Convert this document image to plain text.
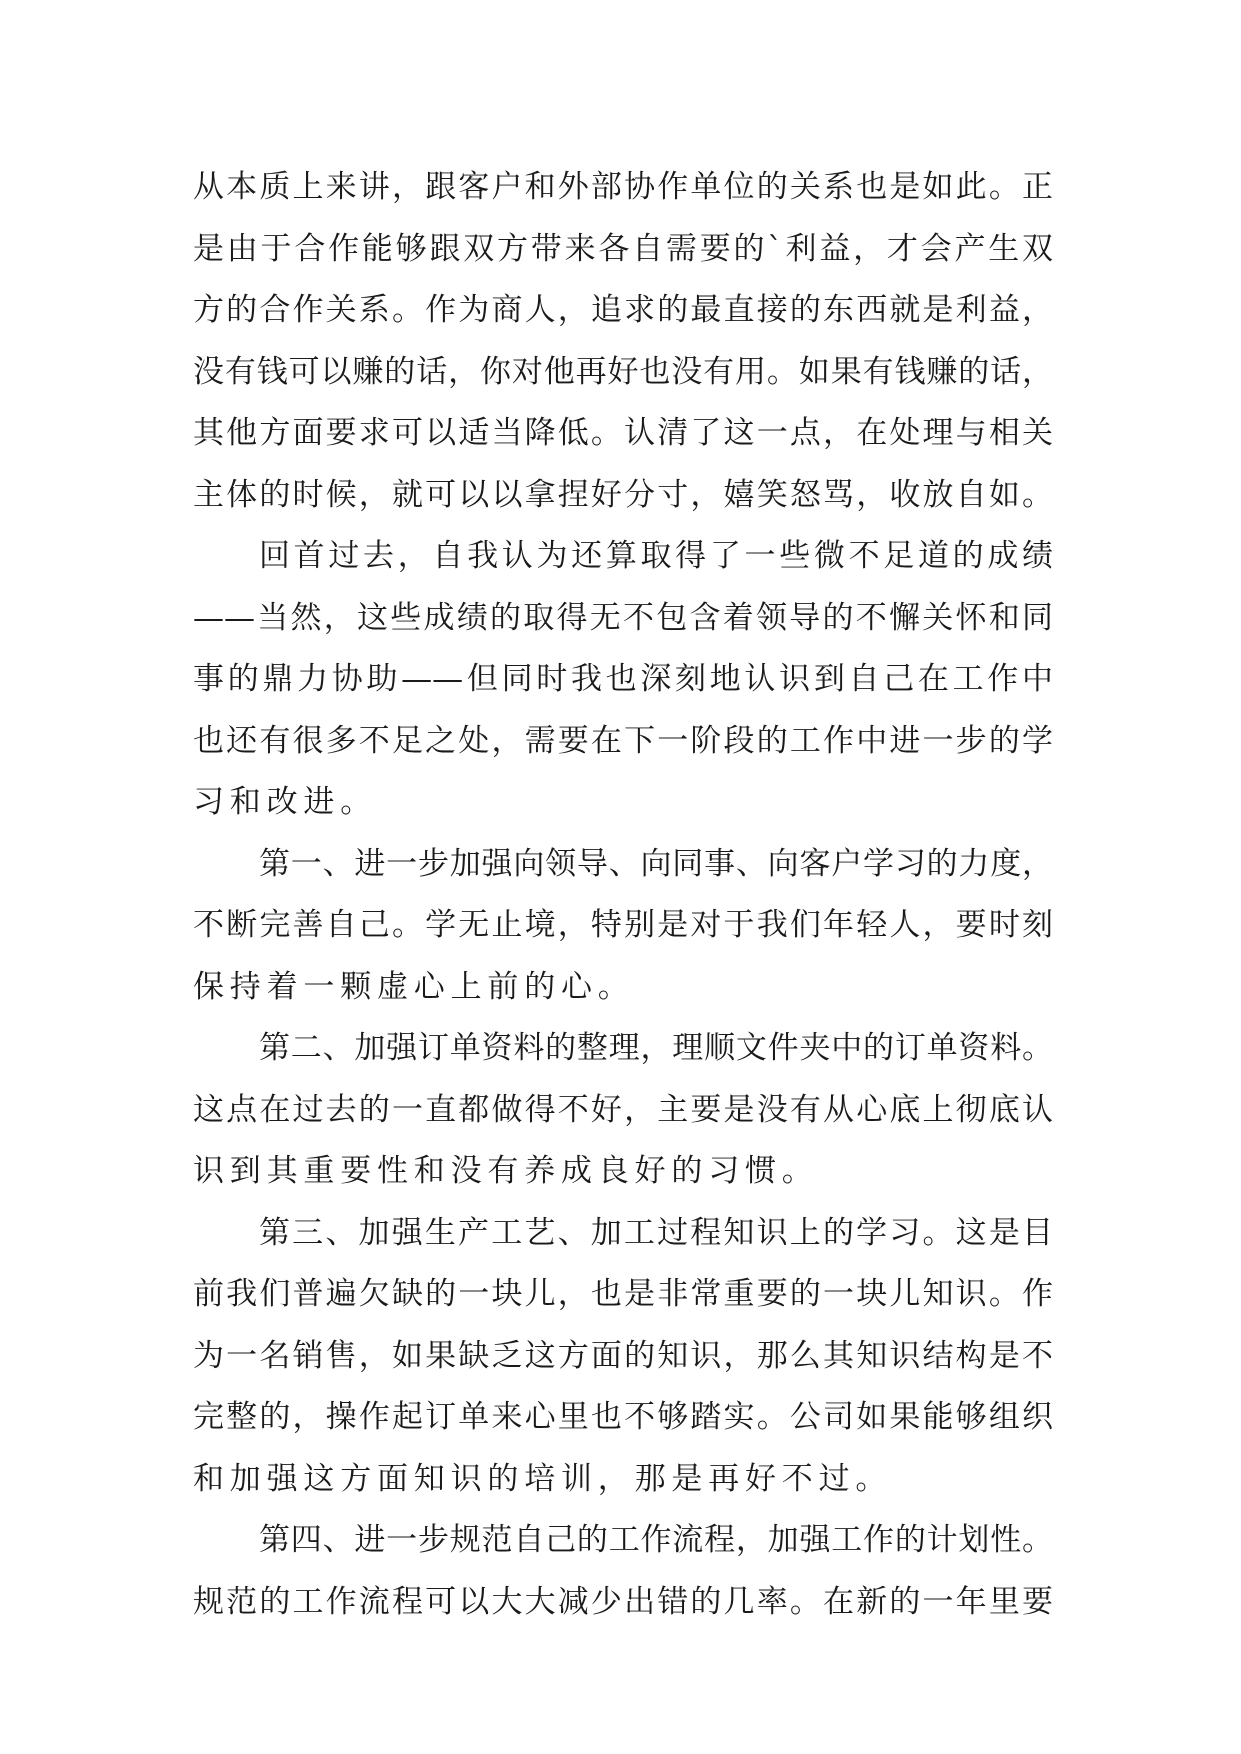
从本质上来讲，跟客户和外部协作单位的关系也是如此。正
是由于合作能够跟双方带来各自需要的`利益，才会产生双
方的合作关系。作为商人，追求的最直接的东西就是利益，
没有钱可以赚的话，你对他再好也没有用。如果有钱赚的话，
其他方面要求可以适当降低。认清了这一点，在处理与相关
主体的时候，就可以以拿捏好分寸，嬉笑怒骂，收放自如。
回首过去，自我认为还算取得了一些微不足道的成绩
——当然，这些成绩的取得无不包含着领导的不懈关怀和同
事的鼎力协助——但同时我也深刻地认识到自己在工作中
也还有很多不足之处，需要在下一阶段的工作中进一步的学
习和改进。
第一、进一步加强向领导、向同事、向客户学习的力度，
不断完善自己。学无止境，特别是对于我们年轻人，要时刻
保持着一颗虚心上前的心。
第二、加强订单资料的整理，理顺文件夹中的订单资料。
这点在过去的一直都做得不好，主要是没有从心底上彻底认
识到其重要性和没有养成良好的习惯。
第三、加强生产工艺、加工过程知识上的学习。这是目
前我们普遍欠缺的一块儿，也是非常重要的一块儿知识。作
为一名销售，如果缺乏这方面的知识，那么其知识结构是不
完整的，操作起订单来心里也不够踏实。公司如果能够组织
和加强这方面知识的培训，那是再好不过。
第四、进一步规范自己的工作流程，加强工作的计划性。
规范的工作流程可以大大减少出错的几率。在新的一年里要
